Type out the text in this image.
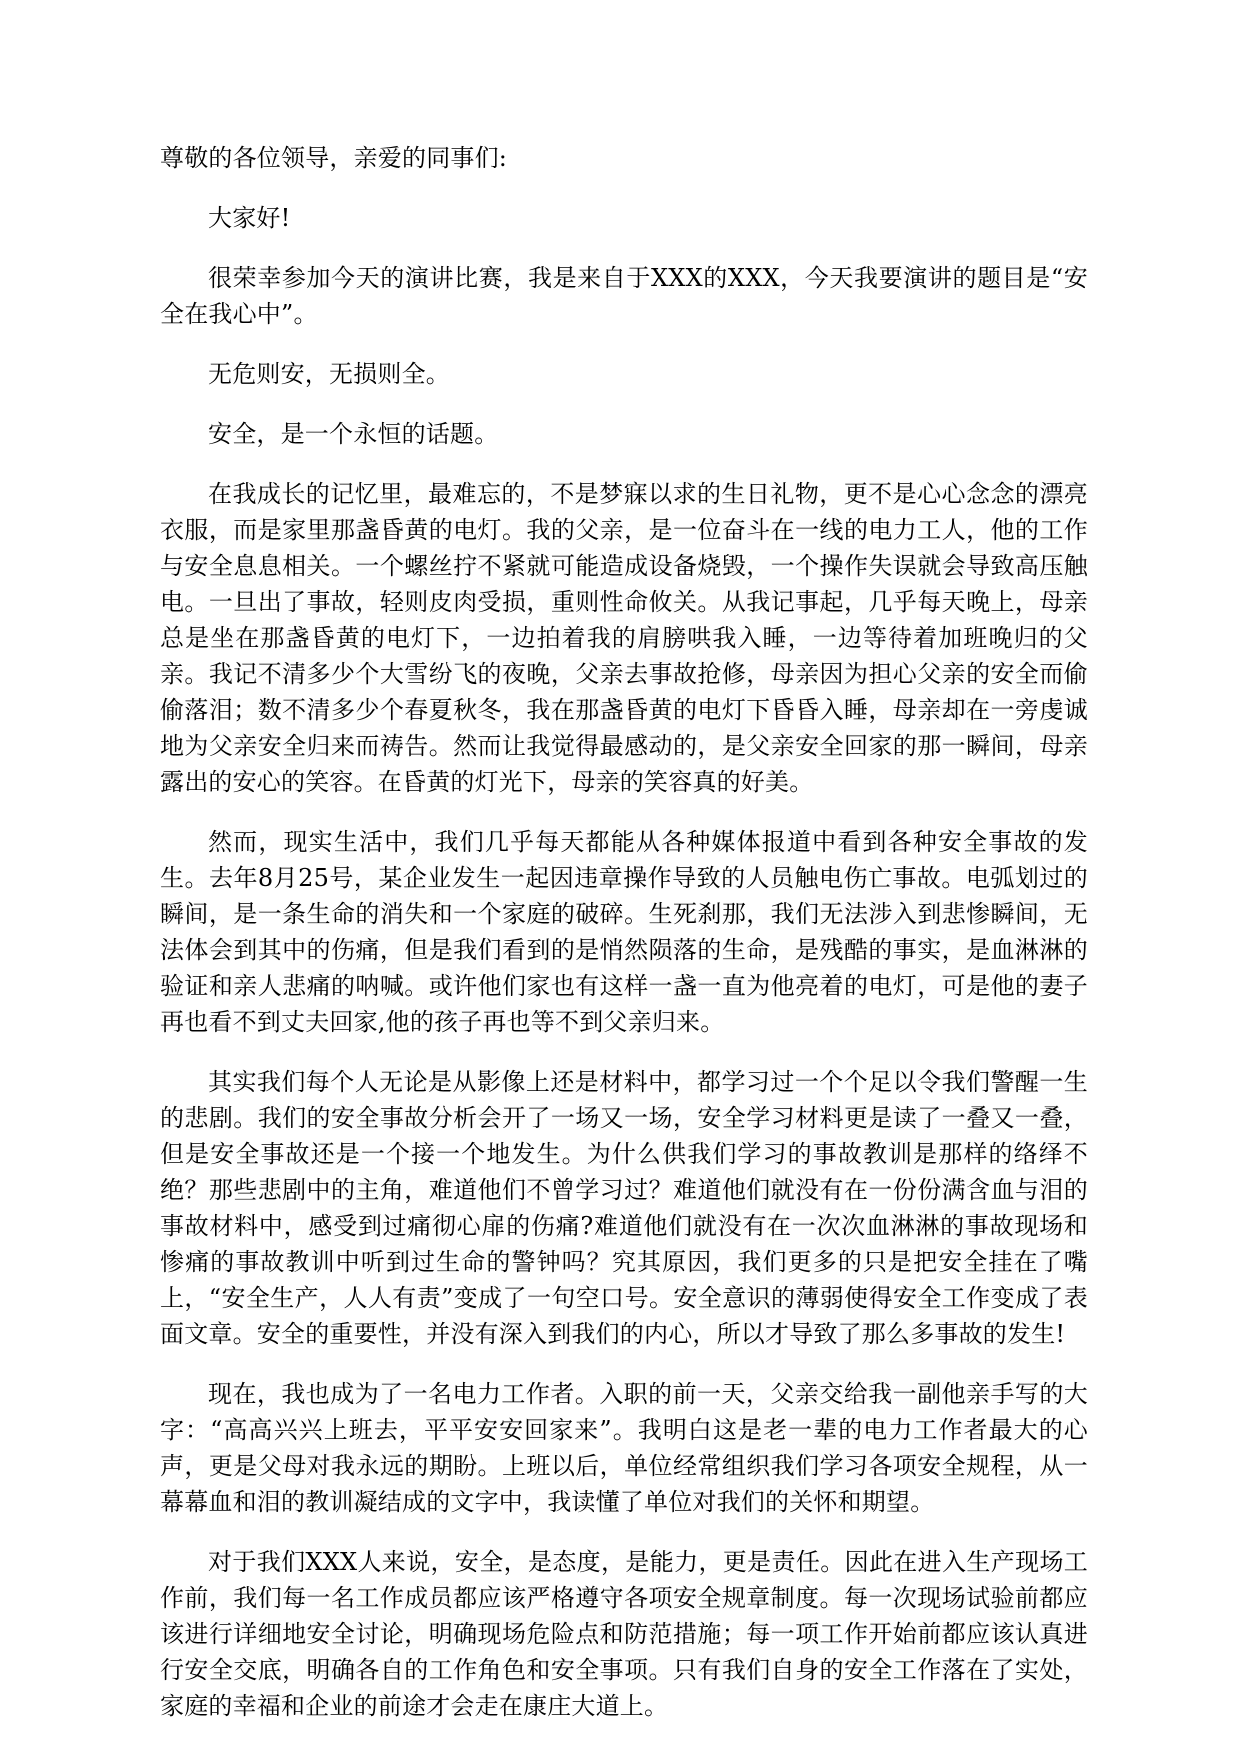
尊敬的各位领导，亲爱的同事们:

大家好!

很荣幸参加今天的演讲比赛，我是来自于XXX的XXX，今天我要演讲的题目是“安全在我心中”。

无危则安，无损则全。

安全，是一个永恒的话题。

在我成长的记忆里，最难忘的，不是梦寐以求的生日礼物，更不是心心念念的漂亮衣服，而是家里那盏昏黄的电灯。我的父亲，是一位奋斗在一线的电力工人，他的工作与安全息息相关。一个螺丝拧不紧就可能造成设备烧毁，一个操作失误就会导致高压触电。一旦出了事故，轻则皮肉受损，重则性命攸关。从我记事起，几乎每天晚上，母亲总是坐在那盏昏黄的电灯下，一边拍着我的肩膀哄我入睡，一边等待着加班晚归的父亲。我记不清多少个大雪纷飞的夜晚，父亲去事故抢修，母亲因为担心父亲的安全而偷偷落泪；数不清多少个春夏秋冬，我在那盏昏黄的电灯下昏昏入睡，母亲却在一旁虔诚地为父亲安全归来而祷告。然而让我觉得最感动的，是父亲安全回家的那一瞬间，母亲露出的安心的笑容。在昏黄的灯光下，母亲的笑容真的好美。

然而，现实生活中，我们几乎每天都能从各种媒体报道中看到各种安全事故的发生。去年8月25号，某企业发生一起因违章操作导致的人员触电伤亡事故。电弧划过的瞬间，是一条生命的消失和一个家庭的破碎。生死刹那，我们无法涉入到悲惨瞬间，无法体会到其中的伤痛，但是我们看到的是悄然陨落的生命，是残酷的事实，是血淋淋的验证和亲人悲痛的呐喊。或许他们家也有这样一盏一直为他亮着的电灯，可是他的妻子再也看不到丈夫回家,他的孩子再也等不到父亲归来。

其实我们每个人无论是从影像上还是材料中，都学习过一个个足以令我们警醒一生的悲剧。我们的安全事故分析会开了一场又一场，安全学习材料更是读了一叠又一叠，但是安全事故还是一个接一个地发生。为什么供我们学习的事故教训是那样的络绎不绝？那些悲剧中的主角，难道他们不曾学习过？难道他们就没有在一份份满含血与泪的事故材料中，感受到过痛彻心扉的伤痛?难道他们就没有在一次次血淋淋的事故现场和惨痛的事故教训中听到过生命的警钟吗？究其原因，我们更多的只是把安全挂在了嘴上，“安全生产，人人有责”变成了一句空口号。安全意识的薄弱使得安全工作变成了表面文章。安全的重要性，并没有深入到我们的内心，所以才导致了那么多事故的发生!

现在，我也成为了一名电力工作者。入职的前一天，父亲交给我一副他亲手写的大字：“高高兴兴上班去，平平安安回家来”。我明白这是老一辈的电力工作者最大的心声，更是父母对我永远的期盼。上班以后，单位经常组织我们学习各项安全规程，从一幕幕血和泪的教训凝结成的文字中，我读懂了单位对我们的关怀和期望。

对于我们XXX人来说，安全，是态度，是能力，更是责任。因此在进入生产现场工作前，我们每一名工作成员都应该严格遵守各项安全规章制度。每一次现场试验前都应该进行详细地安全讨论，明确现场危险点和防范措施；每一项工作开始前都应该认真进行安全交底，明确各自的工作角色和安全事项。只有我们自身的安全工作落在了实处，家庭的幸福和企业的前途才会走在康庄大道上。
